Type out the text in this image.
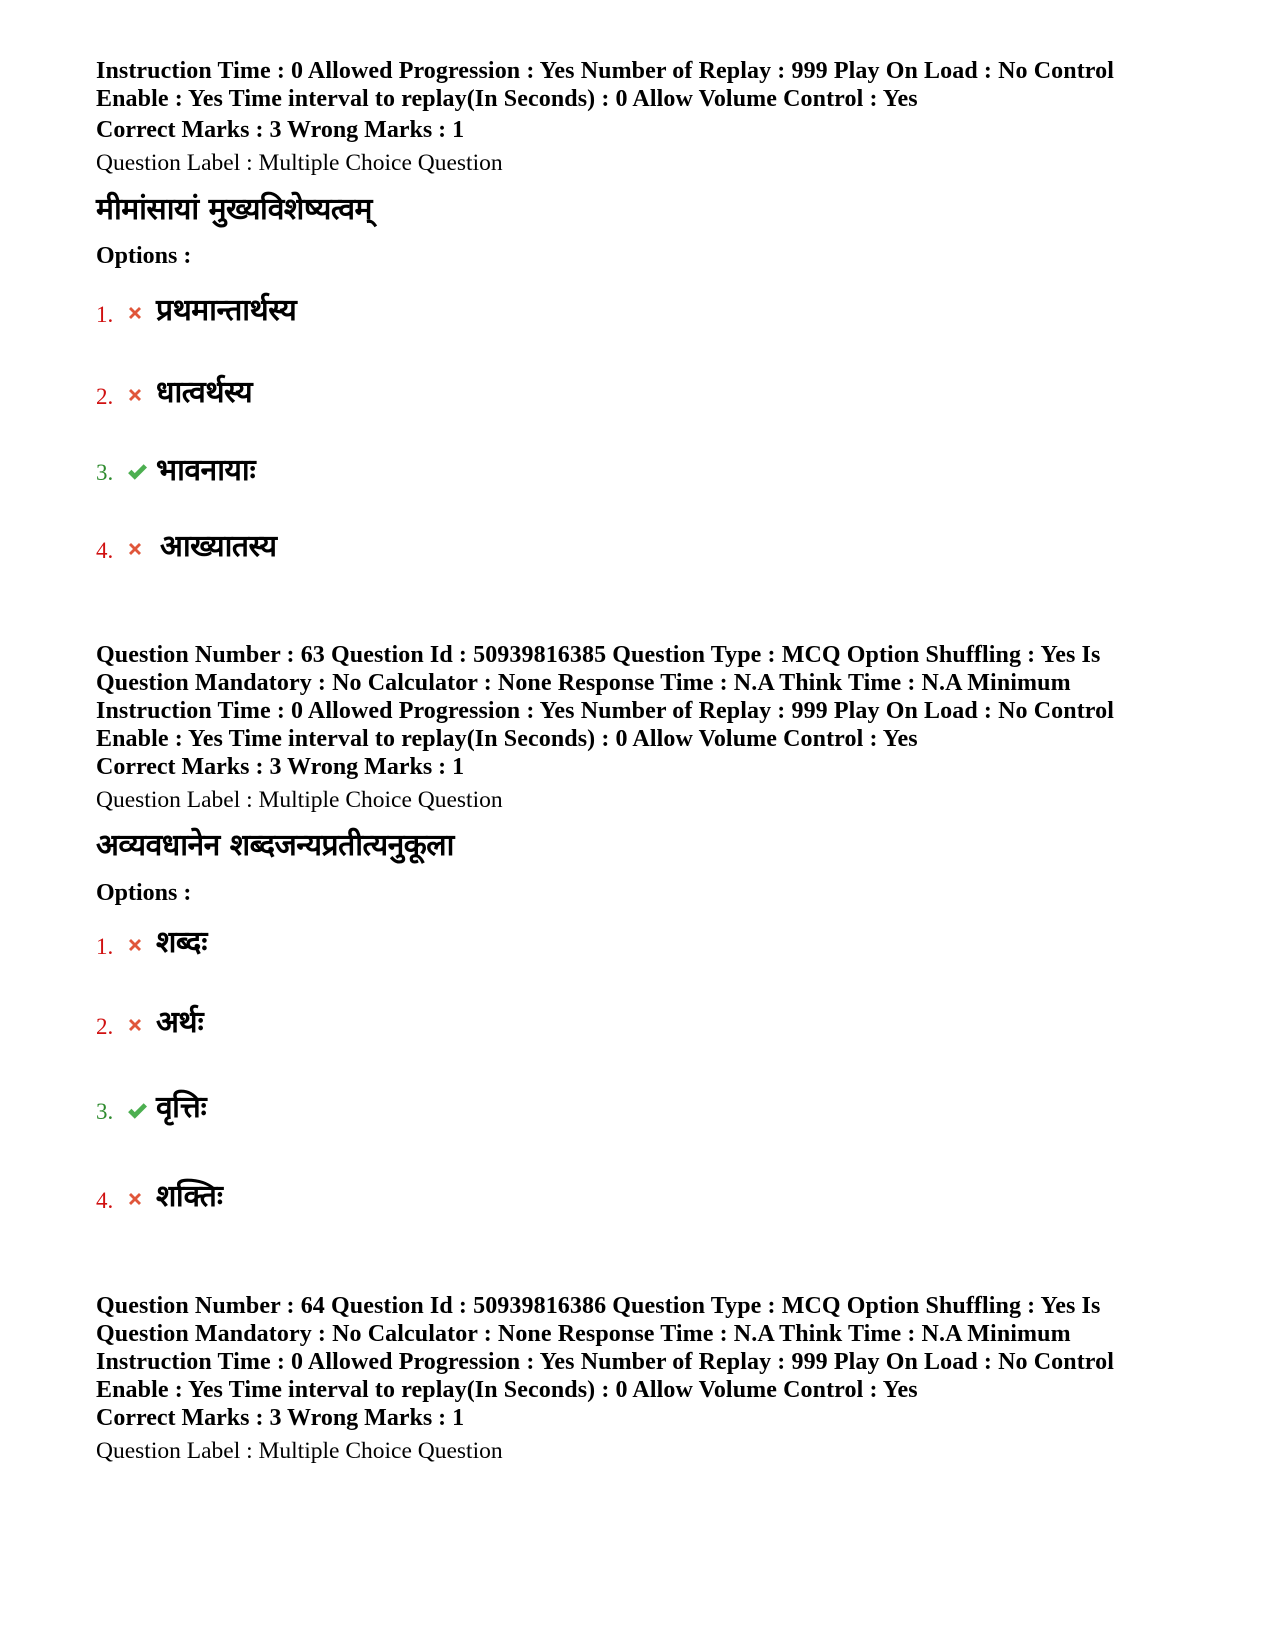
Instruction Time : 0 Allowed Progression : Yes Number of Replay : 999 Play On Load : No Control
Enable : Yes Time interval to replay(In Seconds) : 0 Allow Volume Control : Yes
Correct Marks : 3 Wrong Marks : 1
Question Label : Multiple Choice Question
मीमांसायां मुख्यविशेष्यत्वम्
Options :
1. प्रथमान्तार्थस्य
2. धात्वर्थस्य
3. भावनायाः
4. आख्यातस्य
Question Number : 63 Question Id : 50939816385 Question Type : MCQ Option Shuffling : Yes Is
Question Mandatory : No Calculator : None Response Time : N.A Think Time : N.A Minimum
Instruction Time : 0 Allowed Progression : Yes Number of Replay : 999 Play On Load : No Control
Enable : Yes Time interval to replay(In Seconds) : 0 Allow Volume Control : Yes
Correct Marks : 3 Wrong Marks : 1
Question Label : Multiple Choice Question
अव्यवधानेन शब्दजन्यप्रतीत्यनुकूला
Options :
1. शब्दः
2. अर्थः
3. वृत्तिः
4. शक्तिः
Question Number : 64 Question Id : 50939816386 Question Type : MCQ Option Shuffling : Yes Is
Question Mandatory : No Calculator : None Response Time : N.A Think Time : N.A Minimum
Instruction Time : 0 Allowed Progression : Yes Number of Replay : 999 Play On Load : No Control
Enable : Yes Time interval to replay(In Seconds) : 0 Allow Volume Control : Yes
Correct Marks : 3 Wrong Marks : 1
Question Label : Multiple Choice Question
